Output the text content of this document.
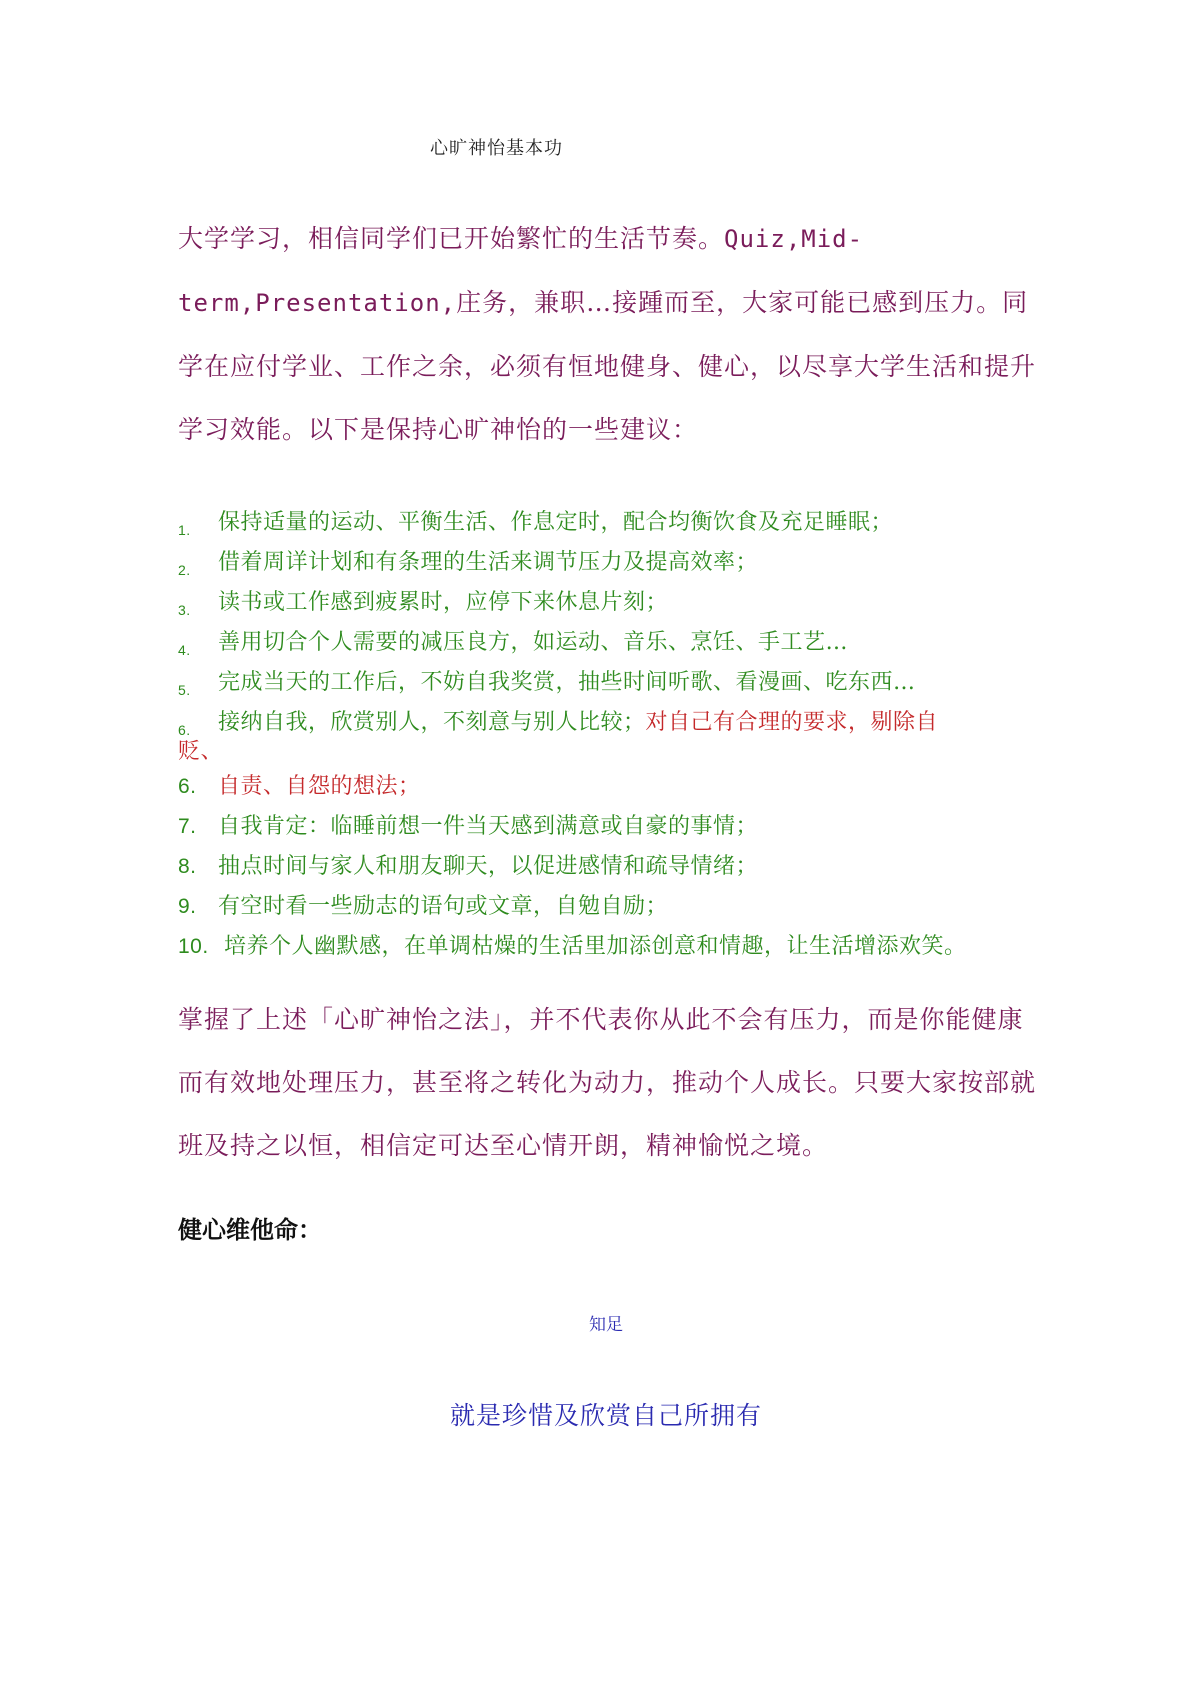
心旷神怡基本功
大学学习，相信同学们已开始繁忙的生活节奏。Quiz,Mid-term,Presentation,庄务，兼职…接踵而至，大家可能已感到压力。同学在应付学业、工作之余，必须有恒地健身、健心，以尽享大学生活和提升学习效能。以下是保持心旷神怡的一些建议：
1. 保持适量的运动、平衡生活、作息定时，配合均衡饮食及充足睡眠；
2. 借着周详计划和有条理的生活来调节压力及提高效率；
3. 读书或工作感到疲累时，应停下来休息片刻；
4. 善用切合个人需要的减压良方，如运动、音乐、烹饪、手工艺…
5. 完成当天的工作后，不妨自我奖赏，抽些时间听歌、看漫画、吃东西…
6. 接纳自我，欣赏别人，不刻意与别人比较；对自己有合理的要求，剔除自
贬、
6. 自责、自怨的想法；
7. 自我肯定：临睡前想一件当天感到满意或自豪的事情；
8. 抽点时间与家人和朋友聊天，以促进感情和疏导情绪；
9. 有空时看一些励志的语句或文章，自勉自励；
10. 培养个人幽默感，在单调枯燥的生活里加添创意和情趣，让生活增添欢笑。
掌握了上述「心旷神怡之法」，并不代表你从此不会有压力，而是你能健康而有效地处理压力，甚至将之转化为动力，推动个人成长。只要大家按部就班及持之以恒，相信定可达至心情开朗，精神愉悦之境。
健心维他命：
知足
就是珍惜及欣赏自己所拥有
